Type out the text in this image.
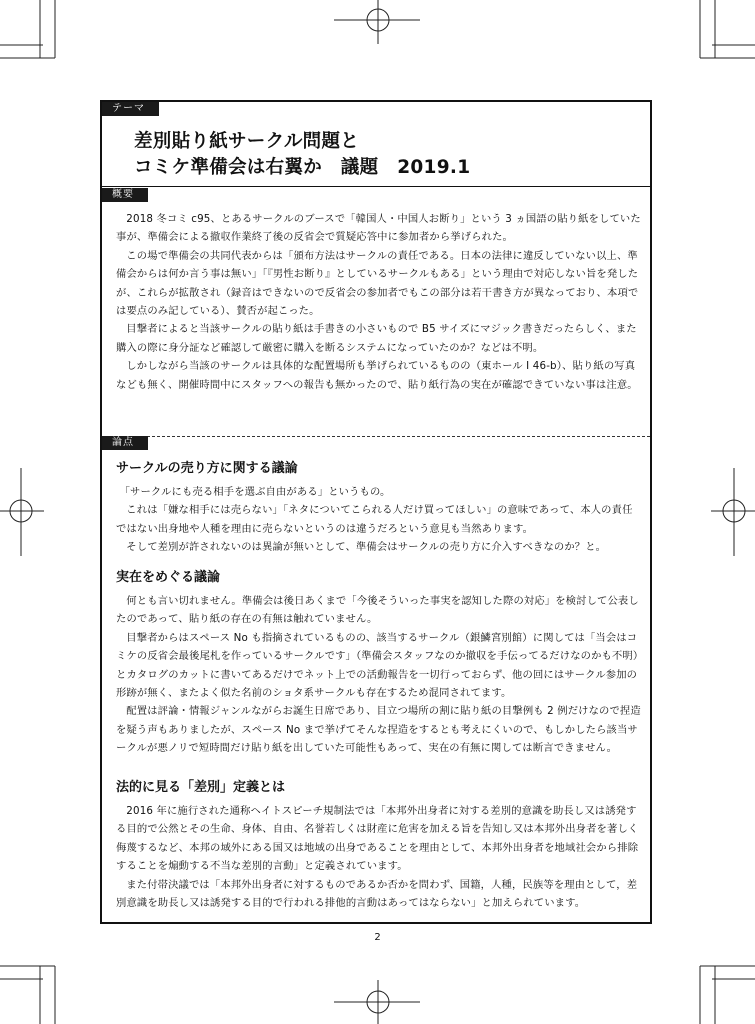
テーマ
差別貼り紙サークル問題と
コミケ準備会は右翼か　議題　2019.1
概要

2018 冬コミ c95、とあるサークルのブースで「韓国人・中国人お断り」という 3 ヵ国語の貼り紙をしていた事が、準備会による撤収作業終了後の反省会で質疑応答中に参加者から挙げられた。

この場で準備会の共同代表からは「頒布方法はサークルの責任である。日本の法律に違反していない以上、準備会からは何か言う事は無い」「『男性お断り』としているサークルもある」という理由で対応しない旨を発したが、これらが拡散され（録音はできないので反省会の参加者でもこの部分は若干書き方が異なっており、本項では要点のみ記している）、賛否が起こった。

目撃者によると当該サークルの貼り紙は手書きの小さいもので B5 サイズにマジック書きだったらしく、また購入の際に身分証など確認して厳密に購入を断るシステムになっていたのか？などは不明。

しかしながら当該のサークルは具体的な配置場所も挙げられているものの（東ホール I 46-b）、貼り紙の写真なども無く、開催時間中にスタッフへの報告も無かったので、貼り紙行為の実在が確認できていない事は注意。

論点
サークルの売り方に関する議論

「サークルにも売る相手を選ぶ自由がある」というもの。

これは「嫌な相手には売らない」「ネタについてこられる人だけ買ってほしい」の意味であって、本人の責任ではない出身地や人種を理由に売らないというのは違うだろという意見も当然あります。

そして差別が許されないのは異論が無いとして、準備会はサークルの売り方に介入すべきなのか？と。

実在をめぐる議論

何とも言い切れません。準備会は後日あくまで「今後そういった事実を認知した際の対応」を検討して公表したのであって、貼り紙の存在の有無は触れていません。

目撃者からはスペース No も指摘されているものの、該当するサークル（銀鱗宮別館）に関しては「当会はコミケの反省会最後尾札を作っているサークルです」（準備会スタッフなのか撤収を手伝ってるだけなのかも不明）とカタログのカットに書いてあるだけでネット上での活動報告を一切行っておらず、他の回にはサークル参加の形跡が無く、またよく似た名前のショタ系サークルも存在するため混同されてます。

配置は評論・情報ジャンルながらお誕生日席であり、目立つ場所の割に貼り紙の目撃例も 2 例だけなので捏造を疑う声もありましたが、スペース No まで挙げてそんな捏造をするとも考えにくいので、もしかしたら該当サークルが悪ノリで短時間だけ貼り紙を出していた可能性もあって、実在の有無に関しては断言できません。

法的に見る「差別」定義とは

2016 年に施行された通称ヘイトスピーチ規制法では「本邦外出身者に対する差別的意識を助長し又は誘発する目的で公然とその生命、身体、自由、名誉若しくは財産に危害を加える旨を告知し又は本邦外出身者を著しく侮蔑するなど、本邦の域外にある国又は地域の出身であることを理由として、本邦外出身者を地域社会から排除することを煽動する不当な差別的言動」と定義されています。

また付帯決議では「本邦外出身者に対するものであるか否かを問わず、国籍，人種，民族等を理由として，差別意識を助長し又は誘発する目的で行われる排他的言動はあってはならない」と加えられています。

2
